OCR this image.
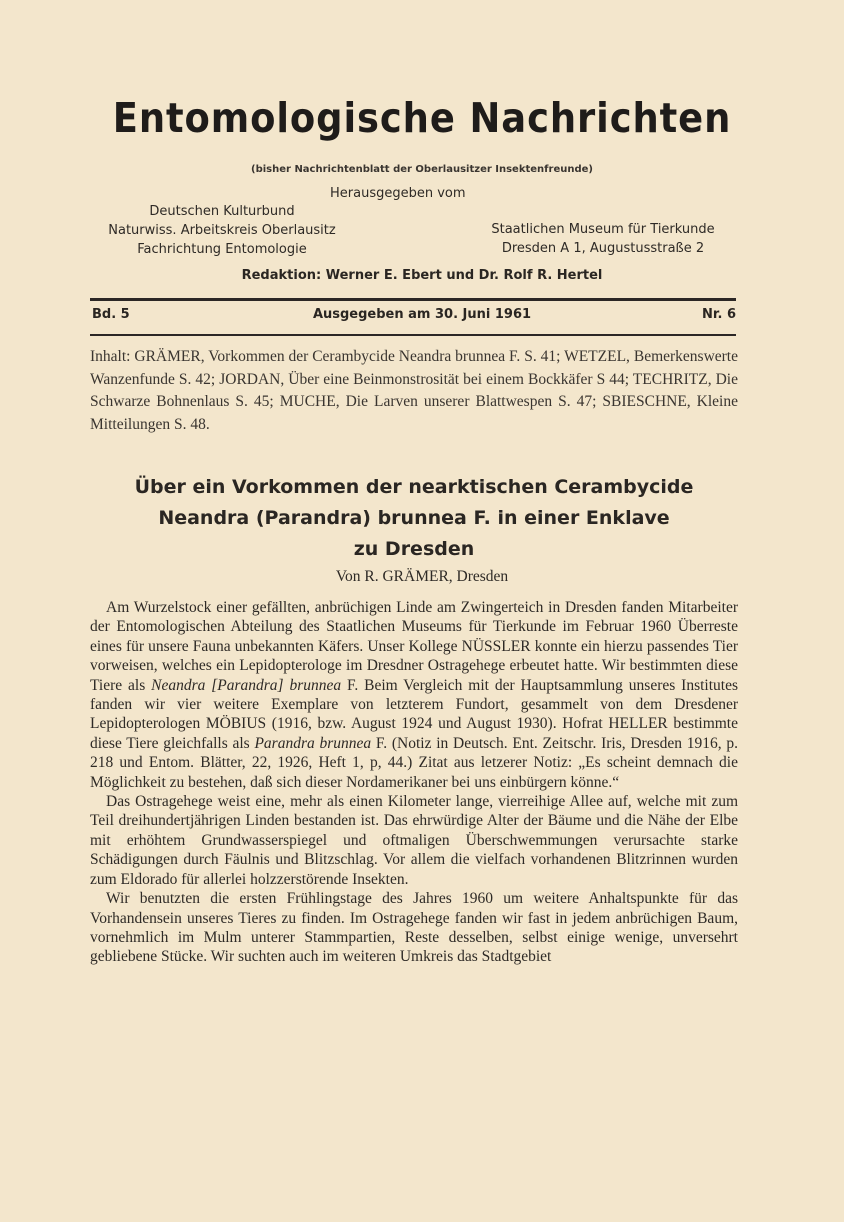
Entomologische Nachrichten
(bisher Nachrichtenblatt der Oberlausitzer Insektenfreunde)
Herausgegeben vom
Deutschen Kulturbund
Naturwiss. Arbeitskreis Oberlausitz
Fachrichtung Entomologie
Staatlichen Museum für Tierkunde
Dresden A 1, Augustusstraße 2
Redaktion: Werner E. Ebert und Dr. Rolf R. Hertel
Bd. 5	Ausgegeben am 30. Juni 1961	Nr. 6
Inhalt: GRÄMER, Vorkommen der Cerambycide Neandra brunnea F. S. 41; WETZEL, Bemerkenswerte Wanzenfunde S. 42; JORDAN, Über eine Beinmonstrosität bei einem Bockkäfer S 44; TECHRITZ, Die Schwarze Bohnenlaus S. 45; MUCHE, Die Larven unserer Blattwespen S. 47; SBIESCHNE, Kleine Mitteilungen S. 48.
Über ein Vorkommen der nearktischen Cerambycide
Neandra (Parandra) brunnea F. in einer Enklave
zu Dresden
Von R. GRÄMER, Dresden

Am Wurzelstock einer gefällten, anbrüchigen Linde am Zwingerteich in Dresden fanden Mitarbeiter der Entomologischen Abteilung des Staatlichen Museums für Tierkunde im Februar 1960 Überreste eines für unsere Fauna unbekannten Käfers. Unser Kollege NÜSSLER konnte ein hierzu passendes Tier vorweisen, welches ein Lepidopterologe im Dresdner Ostragehege erbeutet hatte. Wir bestimmten diese Tiere als Neandra [Parandra] brunnea F. Beim Vergleich mit der Hauptsammlung unseres Institutes fanden wir vier weitere Exemplare von letzterem Fundort, gesammelt von dem Dresdener Lepidopterologen MÖBIUS (1916, bzw. August 1924 und August 1930). Hofrat HELLER bestimmte diese Tiere gleichfalls als Parandra brunnea F. (Notiz in Deutsch. Ent. Zeitschr. Iris, Dresden 1916, p. 218 und Entom. Blätter, 22, 1926, Heft 1, p, 44.) Zitat aus letzerer Notiz: „Es scheint demnach die Möglichkeit zu bestehen, daß sich dieser Nordamerikaner bei uns einbürgern könne.“

Das Ostragehege weist eine, mehr als einen Kilometer lange, vierreihige Allee auf, welche mit zum Teil dreihundertjährigen Linden bestanden ist. Das ehrwürdige Alter der Bäume und die Nähe der Elbe mit erhöhtem Grundwasserspiegel und oftmaligen Überschwemmungen verursachte starke Schädigungen durch Fäulnis und Blitzschlag. Vor allem die vielfach vorhandenen Blitzrinnen wurden zum Eldorado für allerlei holzzerstörende Insekten.

Wir benutzten die ersten Frühlingstage des Jahres 1960 um weitere Anhaltspunkte für das Vorhandensein unseres Tieres zu finden. Im Ostragehege fanden wir fast in jedem anbrüchigen Baum, vornehmlich im Mulm unterer Stammpartien, Reste desselben, selbst einige wenige, unversehrt gebliebene Stücke. Wir suchten auch im weiteren Umkreis das Stadtgebiet
